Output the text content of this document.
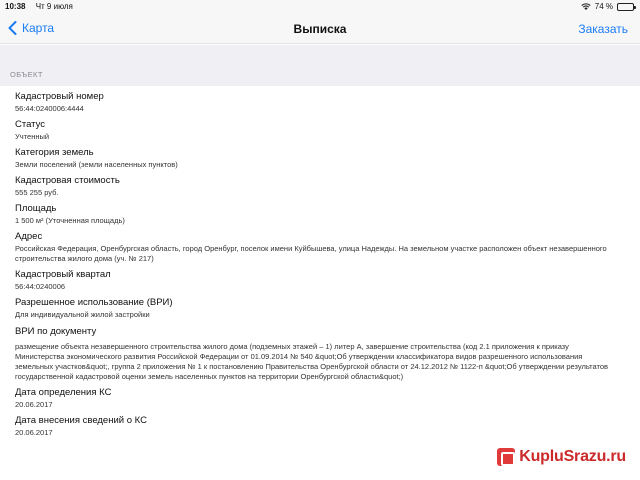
10:38 Чт 9 июля	74 %
Карта	Выписка	Заказать
ОБЪЕКТ
Кадастровый номер
56:44:0240006:4444
Статус
Учтенный
Категория земель
Земли поселений (земли населенных пунктов)
Кадастровая стоимость
555 255 руб.
Площадь
1 500 м² (Уточненная площадь)
Адрес
Российская Федерация, Оренбургская область, город Оренбург, поселок имени Куйбышева, улица Надежды. На земельном участке расположен объект незавершенного строительства жилого дома (уч. № 217)
Кадастровый квартал
56:44:0240006
Разрешенное использование (ВРИ)
Для индивидуальной жилой застройки
ВРИ по документу
размещение объекта незавершенного строительства жилого дома (подземных этажей – 1) литер А, завершение строительства (код 2.1 приложения к приказу Министерства экономического развития Российской Федерации от 01.09.2014 № 540 &quot;Об утверждении классификатора видов разрешенного использования земельных участков&quot;, группа 2 приложения № 1 к постановлению Правительства Оренбургской области от 24.12.2012 № 1122-п &quot;Об утверждении результатов государственной кадастровой оценки земель населенных пунктов на территории Оренбургской области&quot;)
Дата определения КС
20.06.2017
Дата внесения сведений о КС
20.06.2017
KupluSrazu.ru
